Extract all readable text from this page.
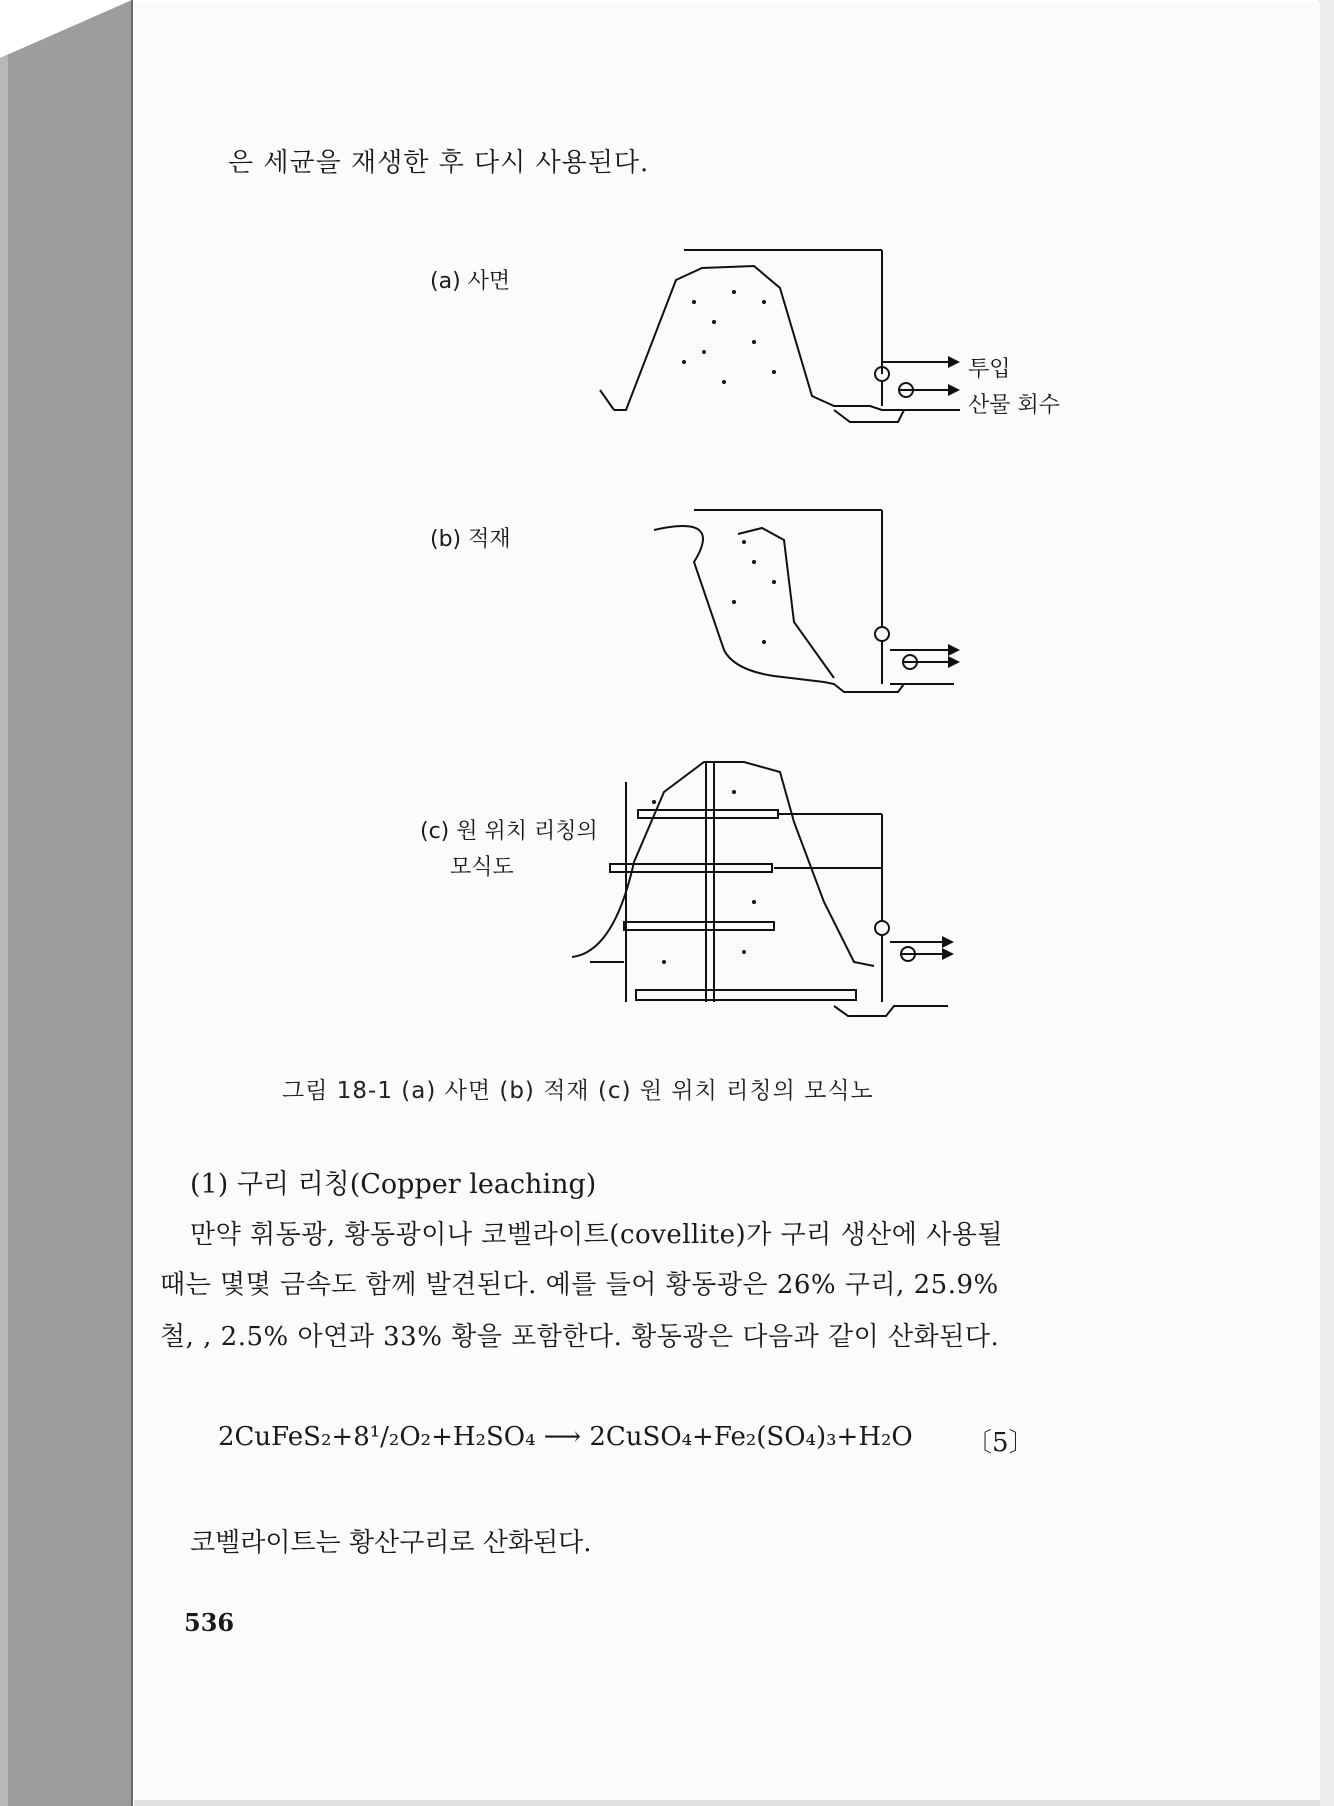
은 세균을 재생한 후 다시 사용된다.
(a) 사면
투입
산물 회수
(b) 적재
(c) 원 위치 리칭의
모식도
그림 18-1 (a) 사면 (b) 적재 (c) 원 위치 리칭의 모식노
(1) 구리 리칭(Copper leaching)
만약 휘동광, 황동광이나 코벨라이트(covellite)가 구리 생산에 사용될
때는 몇몇 금속도 함께 발견된다. 예를 들어 황동광은 26% 구리, 25.9%
철, , 2.5% 아연과 33% 황을 포함한다. 황동광은 다음과 같이 산화된다.
2CuFeS₂+8¹/₂O₂+H₂SO₄ ⟶ 2CuSO₄+Fe₂(SO₄)₃+H₂O 〔5〕
코벨라이트는 황산구리로 산화된다.
536
